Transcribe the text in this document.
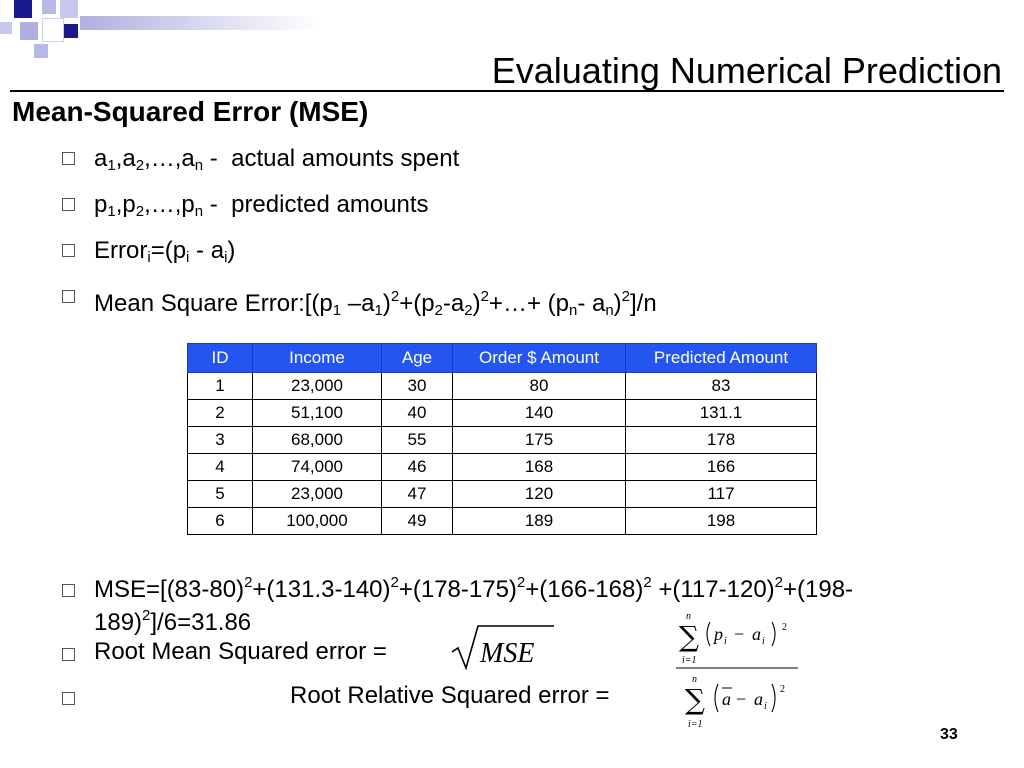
Evaluating Numerical Prediction
Mean-Squared Error (MSE)
$a_1,a_2,\dots,a_n$ -  actual amounts spent
$p_1,p_2,\dots,p_n$ -  predicted amounts
$Error_i=(p_i - a_i)$
Mean Square $Error:[(p_1$ $-a_1)^2+(p_2-a_2)^2+\dots+ (p_n-$ $a_n)^2]/n$
ID	Income	Age	Order $ Amount	Predicted Amount
1	23,000	30	80	83
2	51,100	40	140	131.1
3	68,000	55	175	178
4	74,000	46	168	166
5	23,000	47	120	117
6	100,000	49	189	198
$MSE=[(83-80)^2+(131.3-140)^2+(178-175)^2+(166-168)^2 +(117-120)^2+(198-$
189)$^2$]/6=31.86
Root Mean Squared error =
Root Relative Squared error =
MSE
n
∑
i=1
p i − a i
2
n
∑
i=1
a − a i
2
33
